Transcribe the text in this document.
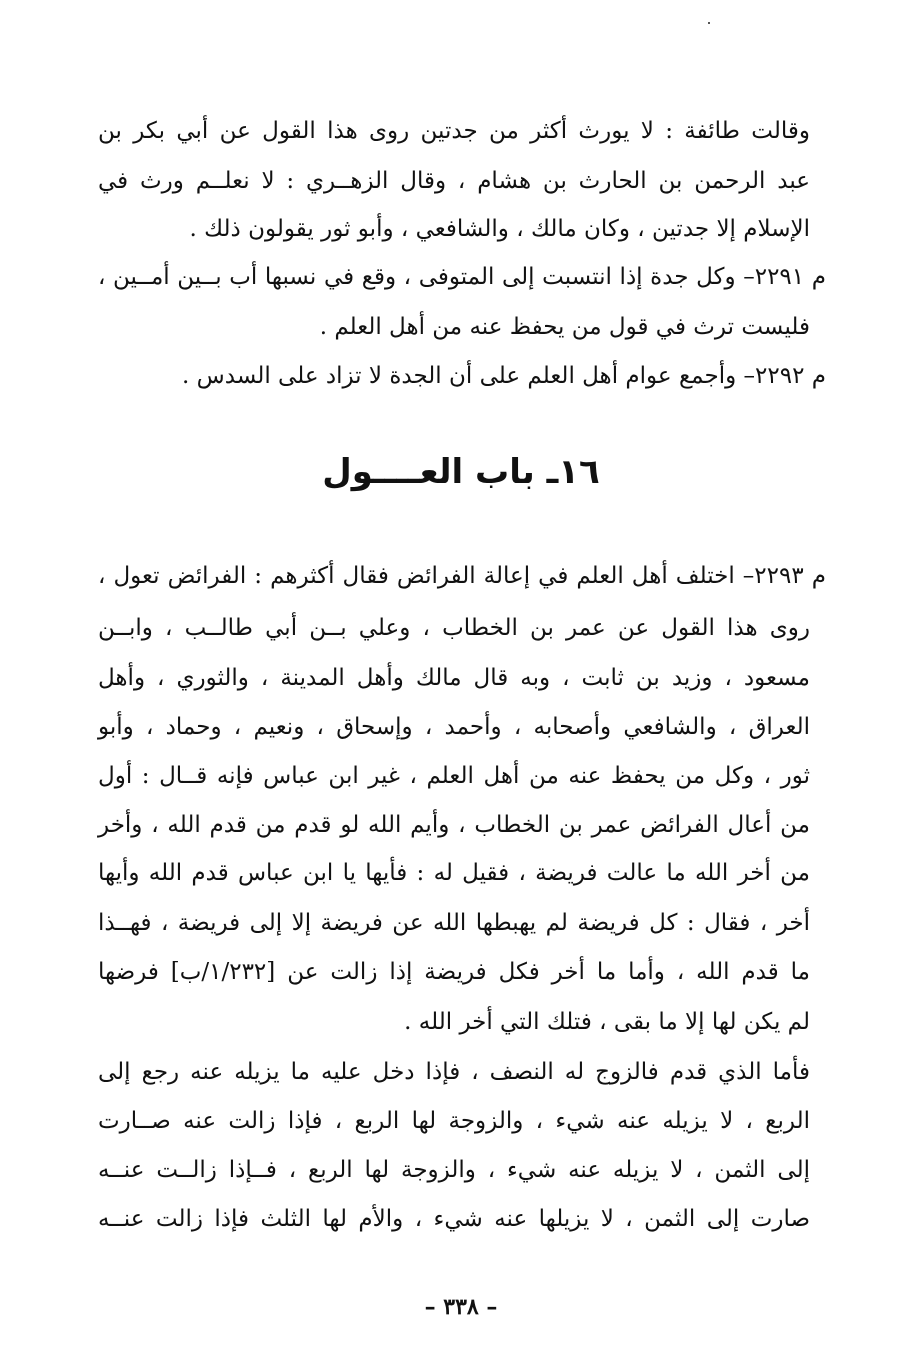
وقالت طائفة : لا يورث أكثر من جدتين روى هذا القول عن أبي بكر بن
عبد الرحمن بن الحارث بن هشام ، وقال الزهــري : لا نعلــم ورث في
الإسلام إلا جدتين ، وكان مالك ، والشافعي ، وأبو ثور يقولون ذلك .
م ٢٢٩١– وكل جدة إذا انتسبت إلى المتوفى ، وقع في نسبها أب بــين أمــين ،
فليست ترث في قول من يحفظ عنه من أهل العلم .
م ٢٢٩٢– وأجمع عوام أهل العلم على أن الجدة لا تزاد على السدس .
١٦ـ باب العــــول
م ٢٢٩٣– اختلف أهل العلم في إعالة الفرائض فقال أكثرهم : الفرائض تعول ،
روى هذا القول عن عمر بن الخطاب ، وعلي بــن أبي طالــب ، وابــن
مسعود ، وزيد بن ثابت ، وبه قال مالك وأهل المدينة ، والثوري ، وأهل
العراق ، والشافعي وأصحابه ، وأحمد ، وإسحاق ، ونعيم ، وحماد ، وأبو
ثور ، وكل من يحفظ عنه من أهل العلم ، غير ابن عباس فإنه قــال : أول
من أعال الفرائض عمر بن الخطاب ، وأيم الله لو قدم من قدم الله ، وأخر
من أخر الله ما عالت فريضة ، فقيل له : فأيها يا ابن عباس قدم الله وأيها
أخر ، فقال : كل فريضة لم يهبطها الله عن فريضة إلا إلى فريضة ، فهــذا
ما قدم الله ، وأما ما أخر فكل فريضة إذا زالت عن [١/٢٣٢/ب] فرضها
لم يكن لها إلا ما بقى ، فتلك التي أخر الله .
فأما الذي قدم فالزوج له النصف ، فإذا دخل عليه ما يزيله عنه رجع إلى
الربع ، لا يزيله عنه شيء ، والزوجة لها الربع ، فإذا زالت عنه صــارت
إلى الثمن ، لا يزيله عنه شيء ، والزوجة لها الربع ، فــإذا زالــت عنــه
صارت إلى الثمن ، لا يزيلها عنه شيء ، والأم لها الثلث فإذا زالت عنــه
– ٣٣٨ –
